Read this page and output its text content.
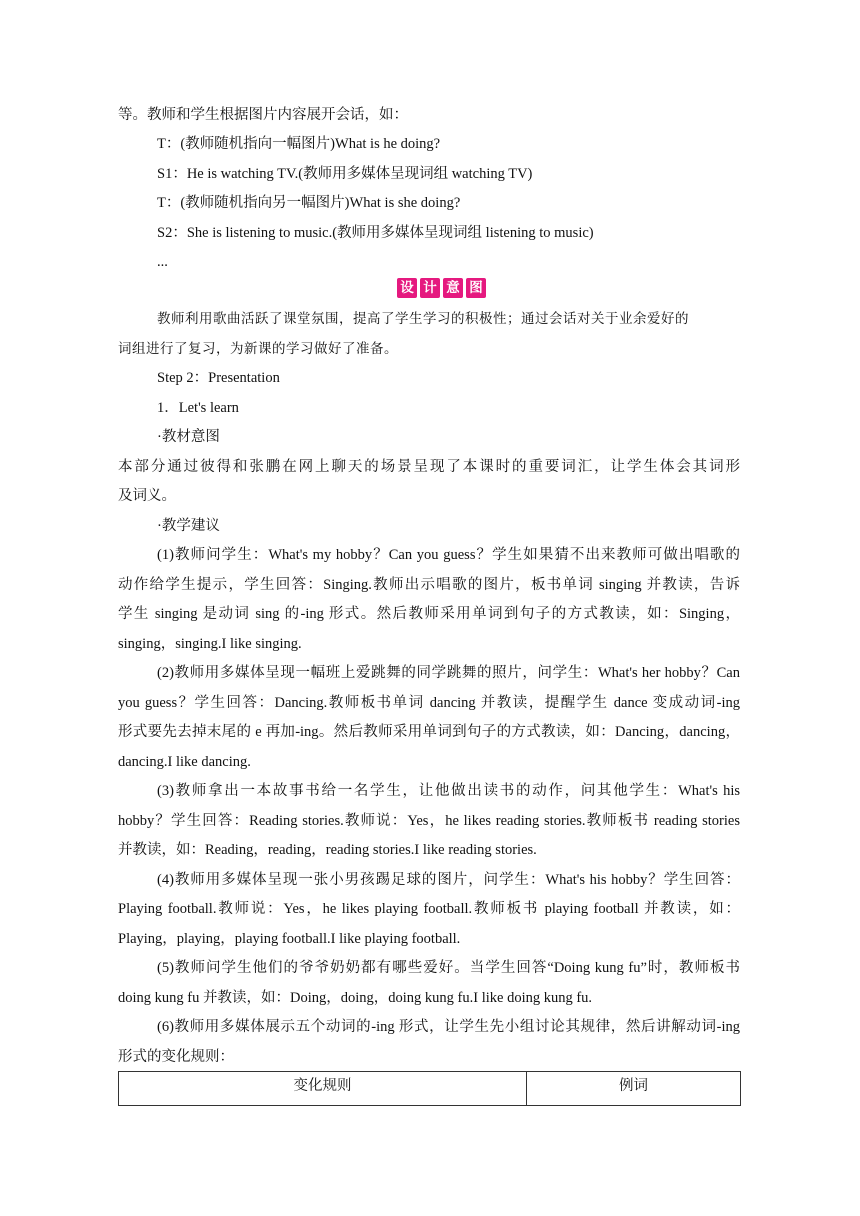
等。教师和学生根据图片内容展开会话，如：
T：(教师随机指向一幅图片)What is he doing?
S1：He is watching TV.(教师用多媒体呈现词组 watching TV)
T：(教师随机指向另一幅图片)What is she doing?
S2：She is listening to music.(教师用多媒体呈现词组 listening to music)
...
设 计 意 图
教师利用歌曲活跃了课堂氛围，提高了学生学习的积极性；通过会话对关于业余爱好的
词组进行了复习，为新课的学习做好了准备。
Step 2：Presentation
1．Let's learn
·教材意图
本部分通过彼得和张鹏在网上聊天的场景呈现了本课时的重要词汇，让学生体会其词形
及词义。
·教学建议
(1)教师问学生：What's my hobby？Can you guess？学生如果猜不出来教师可做出唱歌的
动作给学生提示，学生回答：Singing.教师出示唱歌的图片，板书单词 singing 并教读，告诉
学生 singing 是动词 sing 的-ing 形式。然后教师采用单词到句子的方式教读，如：Singing，
singing，singing.I like singing.
(2)教师用多媒体呈现一幅班上爱跳舞的同学跳舞的照片，问学生：What's her hobby？Can
you guess？学生回答：Dancing.教师板书单词 dancing 并教读，提醒学生 dance 变成动词-ing
形式要先去掉末尾的 e 再加-ing。然后教师采用单词到句子的方式教读，如：Dancing，dancing，
dancing.I like dancing.
(3)教师拿出一本故事书给一名学生，让他做出读书的动作，问其他学生：What's his
hobby？学生回答：Reading stories.教师说：Yes，he likes reading stories.教师板书 reading stories
并教读，如：Reading，reading，reading stories.I like reading stories.
(4)教师用多媒体呈现一张小男孩踢足球的图片，问学生：What's his hobby？学生回答：
Playing football.教师说：Yes，he likes playing football.教师板书 playing football 并教读，如：
Playing，playing，playing football.I like playing football.
(5)教师问学生他们的爷爷奶奶都有哪些爱好。当学生回答“Doing kung fu”时，教师板书
doing kung fu 并教读，如：Doing，doing，doing kung fu.I like doing kung fu.
(6)教师用多媒体展示五个动词的-ing 形式，让学生先小组讨论其规律，然后讲解动词-ing
形式的变化规则：
变化规则	例词
